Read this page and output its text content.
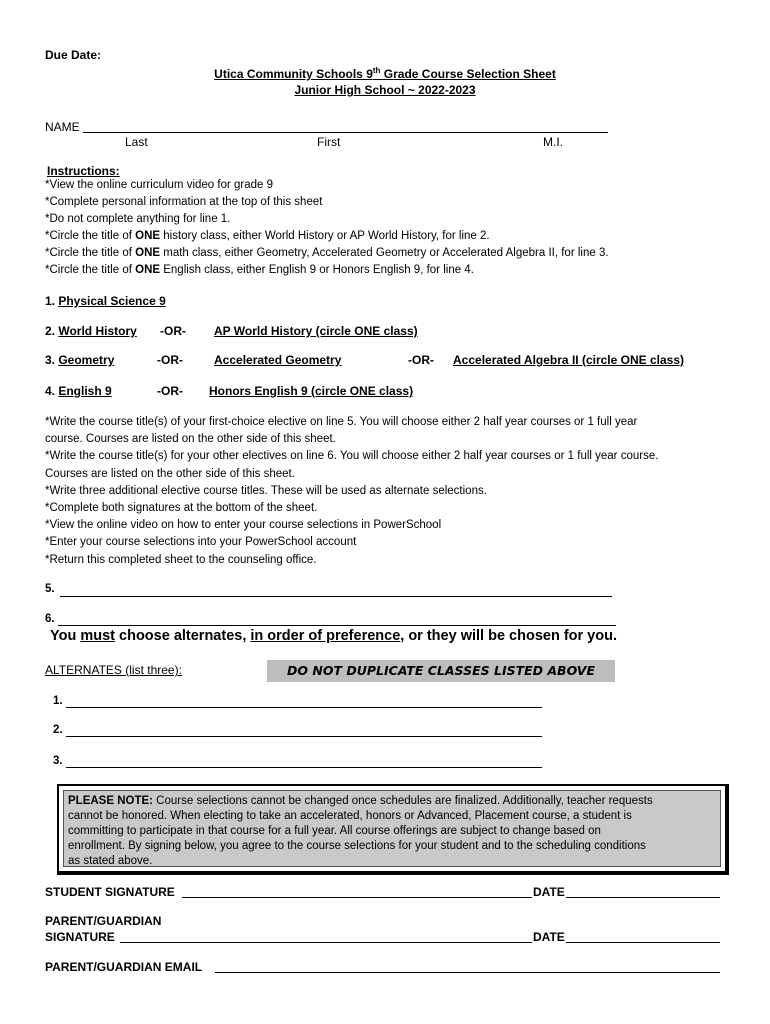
Due Date:
Utica Community Schools 9th Grade Course Selection Sheet
Junior High School ~ 2022-2023
NAME
Last	First	M.I.
Instructions:
*View the online curriculum video for grade 9
*Complete personal information at the top of this sheet
*Do not complete anything for line 1.
*Circle the title of ONE history class, either World History or AP World History, for line 2.
*Circle the title of ONE math class, either Geometry, Accelerated Geometry or Accelerated Algebra II, for line 3.
*Circle the title of ONE English class, either English 9 or Honors English 9, for line 4.
1. Physical Science 9
2. World History -OR- AP World History (circle ONE class)
3. Geometry	-OR-	Accelerated Geometry	-OR- Accelerated Algebra II (circle ONE class)
4. English 9	-OR- Honors English 9 (circle ONE class)
*Write the course title(s) of your first-choice elective on line 5. You will choose either 2 half year courses or 1 full year
course. Courses are listed on the other side of this sheet.
*Write the course title(s) for your other electives on line 6. You will choose either 2 half year courses or 1 full year course.
Courses are listed on the other side of this sheet.
*Write three additional elective course titles. These will be used as alternate selections.
*Complete both signatures at the bottom of the sheet.
*View the online video on how to enter your course selections in PowerSchool
*Enter your course selections into your PowerSchool account
*Return this completed sheet to the counseling office.
5.
6.
You must choose alternates, in order of preference, or they will be chosen for you.
ALTERNATES (list three):	DO NOT DUPLICATE CLASSES LISTED ABOVE
1.
2.
3.
PLEASE NOTE: Course selections cannot be changed once schedules are finalized. Additionally, teacher requests
cannot be honored. When electing to take an accelerated, honors or Advanced, Placement course, a student is
committing to participate in that course for a full year. All course offerings are subject to change based on
enrollment. By signing below, you agree to the course selections for your student and to the scheduling conditions
as stated above.
STUDENT SIGNATURE	DATE
PARENT/GUARDIAN
SIGNATURE	DATE
PARENT/GUARDIAN EMAIL
